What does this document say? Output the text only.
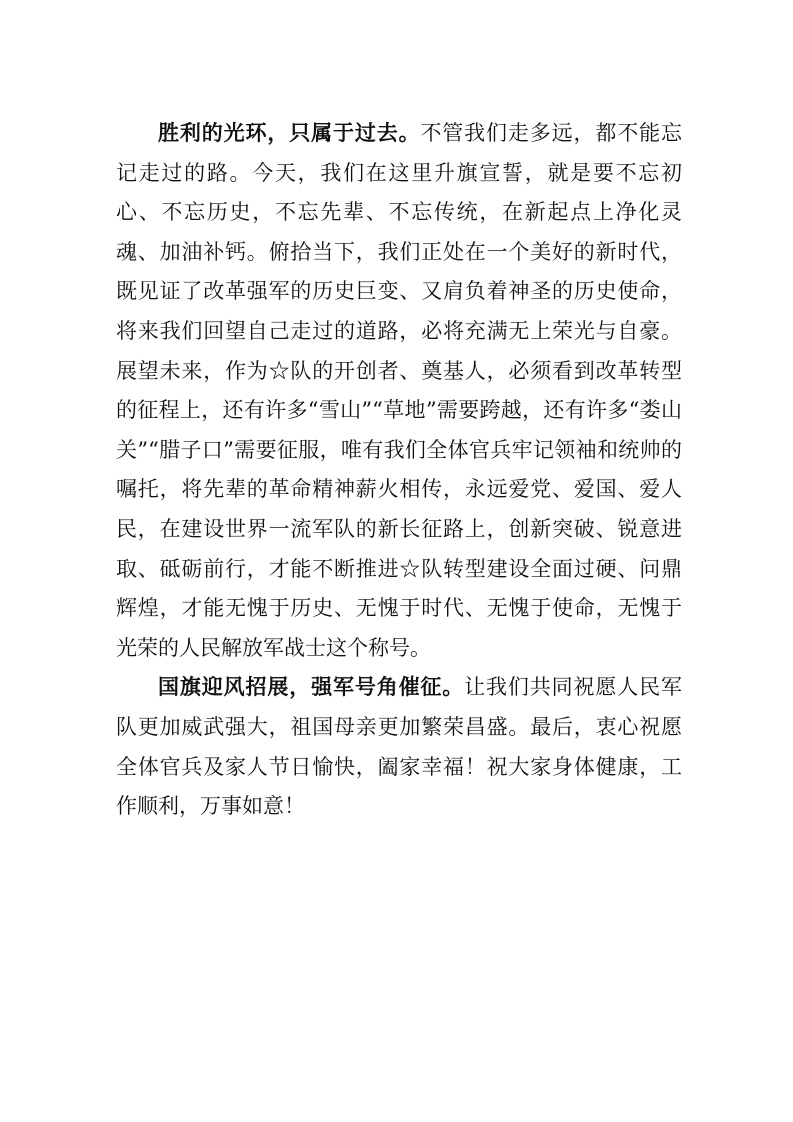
胜利的光环，只属于过去。不管我们走多远，都不能忘记走过的路。今天，我们在这里升旗宣誓，就是要不忘初心、不忘历史，不忘先辈、不忘传统，在新起点上净化灵魂、加油补钙。俯拾当下，我们正处在一个美好的新时代，既见证了改革强军的历史巨变、又肩负着神圣的历史使命，将来我们回望自己走过的道路，必将充满无上荣光与自豪。展望未来，作为☆队的开创者、奠基人，必须看到改革转型的征程上，还有许多“雪山”“草地”需要跨越，还有许多“娄山关”“腊子口”需要征服，唯有我们全体官兵牢记领袖和统帅的嘱托，将先辈的革命精神薪火相传，永远爱党、爱国、爱人民，在建设世界一流军队的新长征路上，创新突破、锐意进取、砥砺前行，才能不断推进☆队转型建设全面过硬、问鼎辉煌，才能无愧于历史、无愧于时代、无愧于使命，无愧于光荣的人民解放军战士这个称号。

国旗迎风招展，强军号角催征。让我们共同祝愿人民军队更加威武强大，祖国母亲更加繁荣昌盛。最后，衷心祝愿全体官兵及家人节日愉快，阖家幸福！祝大家身体健康，工作顺利，万事如意！
